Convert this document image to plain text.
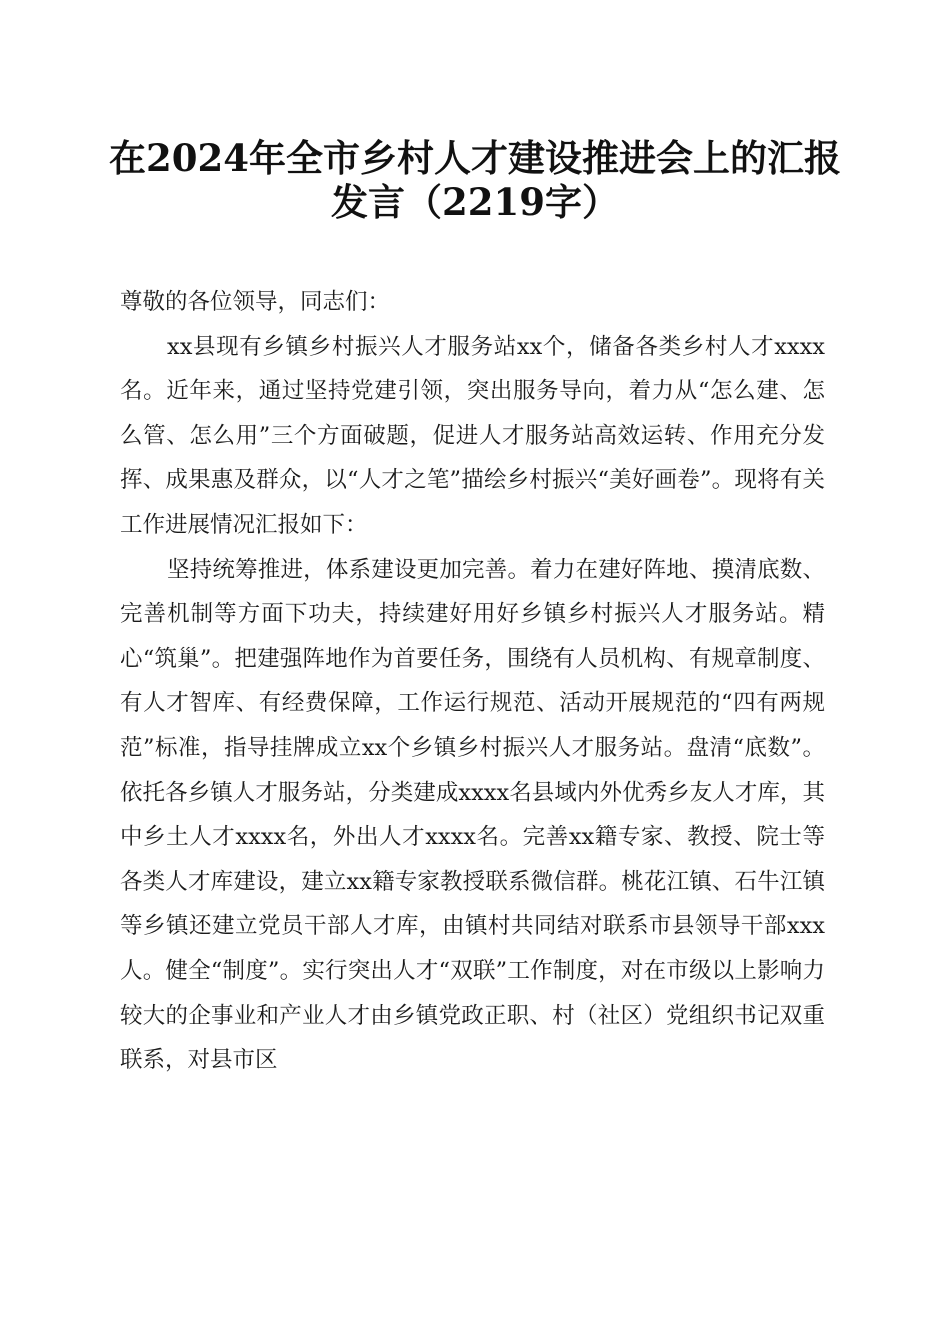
在2024年全市乡村人才建设推进会上的汇报
发言（2219字）

尊敬的各位领导，同志们：

xx县现有乡镇乡村振兴人才服务站xx个，储备各类乡村人才xxxx名。近年来，通过坚持党建引领，突出服务导向，着力从“怎么建、怎么管、怎么用”三个方面破题，促进人才服务站高效运转、作用充分发挥、成果惠及群众，以“人才之笔”描绘乡村振兴“美好画卷”。现将有关工作进展情况汇报如下：

坚持统筹推进，体系建设更加完善。着力在建好阵地、摸清底数、完善机制等方面下功夫，持续建好用好乡镇乡村振兴人才服务站。精心“筑巢”。把建强阵地作为首要任务，围绕有人员机构、有规章制度、有人才智库、有经费保障，工作运行规范、活动开展规范的“四有两规范”标准，指导挂牌成立xx个乡镇乡村振兴人才服务站。盘清“底数”。依托各乡镇人才服务站，分类建成xxxx名县域内外优秀乡友人才库，其中乡土人才xxxx名，外出人才xxxx名。完善xx籍专家、教授、院士等各类人才库建设，建立xx籍专家教授联系微信群。桃花江镇、石牛江镇等乡镇还建立党员干部人才库，由镇村共同结对联系市县领导干部xxx人。健全“制度”。实行突出人才“双联”工作制度，对在市级以上影响力较大的企事业和产业人才由乡镇党政正职、村（社区）党组织书记双重联系，对县市区
